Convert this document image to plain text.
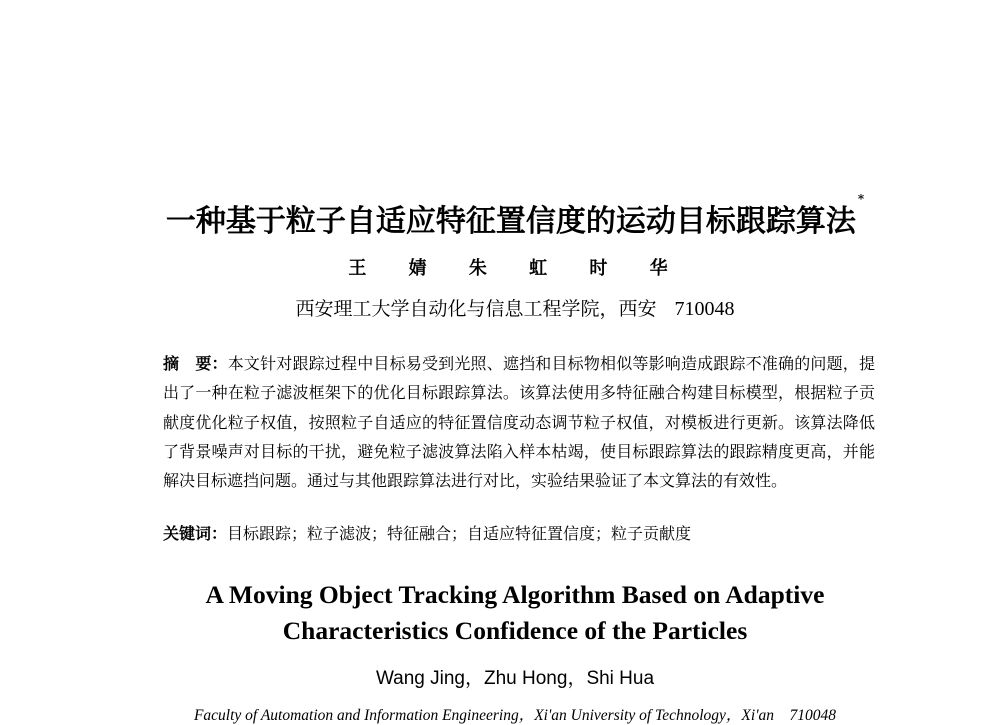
一种基于粒子自适应特征置信度的运动目标跟踪算法*
王 婧 朱 虹 时 华
西安理工大学自动化与信息工程学院，西安 710048
摘　要：本文针对跟踪过程中目标易受到光照、遮挡和目标物相似等影响造成跟踪不准确的问题，提出了一种在粒子滤波框架下的优化目标跟踪算法。该算法使用多特征融合构建目标模型，根据粒子贡献度优化粒子权值，按照粒子自适应的特征置信度动态调节粒子权值，对模板进行更新。该算法降低了背景噪声对目标的干扰，避免粒子滤波算法陷入样本枯竭，使目标跟踪算法的跟踪精度更高，并能解决目标遮挡问题。通过与其他跟踪算法进行对比，实验结果验证了本文算法的有效性。
关键词：目标跟踪；粒子滤波；特征融合；自适应特征置信度；粒子贡献度
A Moving Object Tracking Algorithm Based on Adaptive
Characteristics Confidence of the Particles
Wang Jing，Zhu Hong，Shi Hua
Faculty of Automation and Information Engineering，Xi'an University of Technology，Xi'an　710048
